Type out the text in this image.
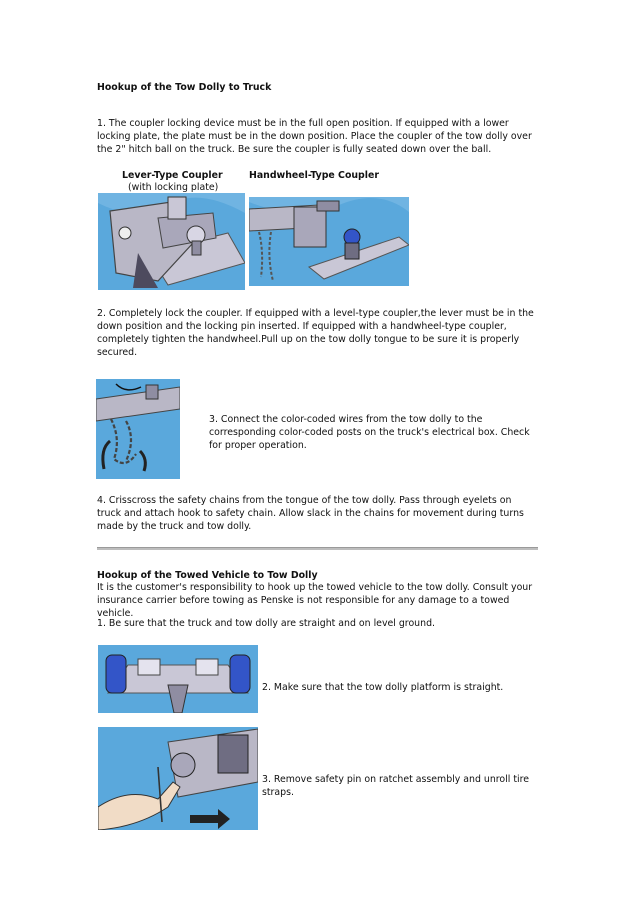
Hookup of the Tow Dolly to Truck
1. The coupler locking device must be in the full open position. If equipped with a lower locking plate, the plate must be in the down position. Place the coupler of the tow dolly over the 2" hitch ball on the truck. Be sure the coupler is fully seated down over the ball.
Lever-Type Coupler
(with locking plate)
Handwheel-Type Coupler
2. Completely lock the coupler. If equipped with a level-type coupler,the lever must be in the down position and the locking pin inserted. If equipped with a handwheel-type coupler, completely tighten the handwheel.Pull up on the tow dolly tongue to be sure it is properly secured.
3. Connect the color-coded wires from the tow dolly to the corresponding color-coded posts on the truck's electrical box. Check for proper operation.
4. Crisscross the safety chains from the tongue of the tow dolly. Pass through eyelets on truck and attach hook to safety chain. Allow slack in the chains for movement during turns made by the truck and tow dolly.
Hookup of the Towed Vehicle to Tow Dolly
It is the customer's responsibility to hook up the towed vehicle to the tow dolly. Consult your insurance carrier before towing as Penske is not responsible for any damage to a towed vehicle.
1. Be sure that the truck and tow dolly are straight and on level ground.
2. Make sure that the tow dolly platform is straight.
3. Remove safety pin on ratchet assembly and unroll tire straps.
